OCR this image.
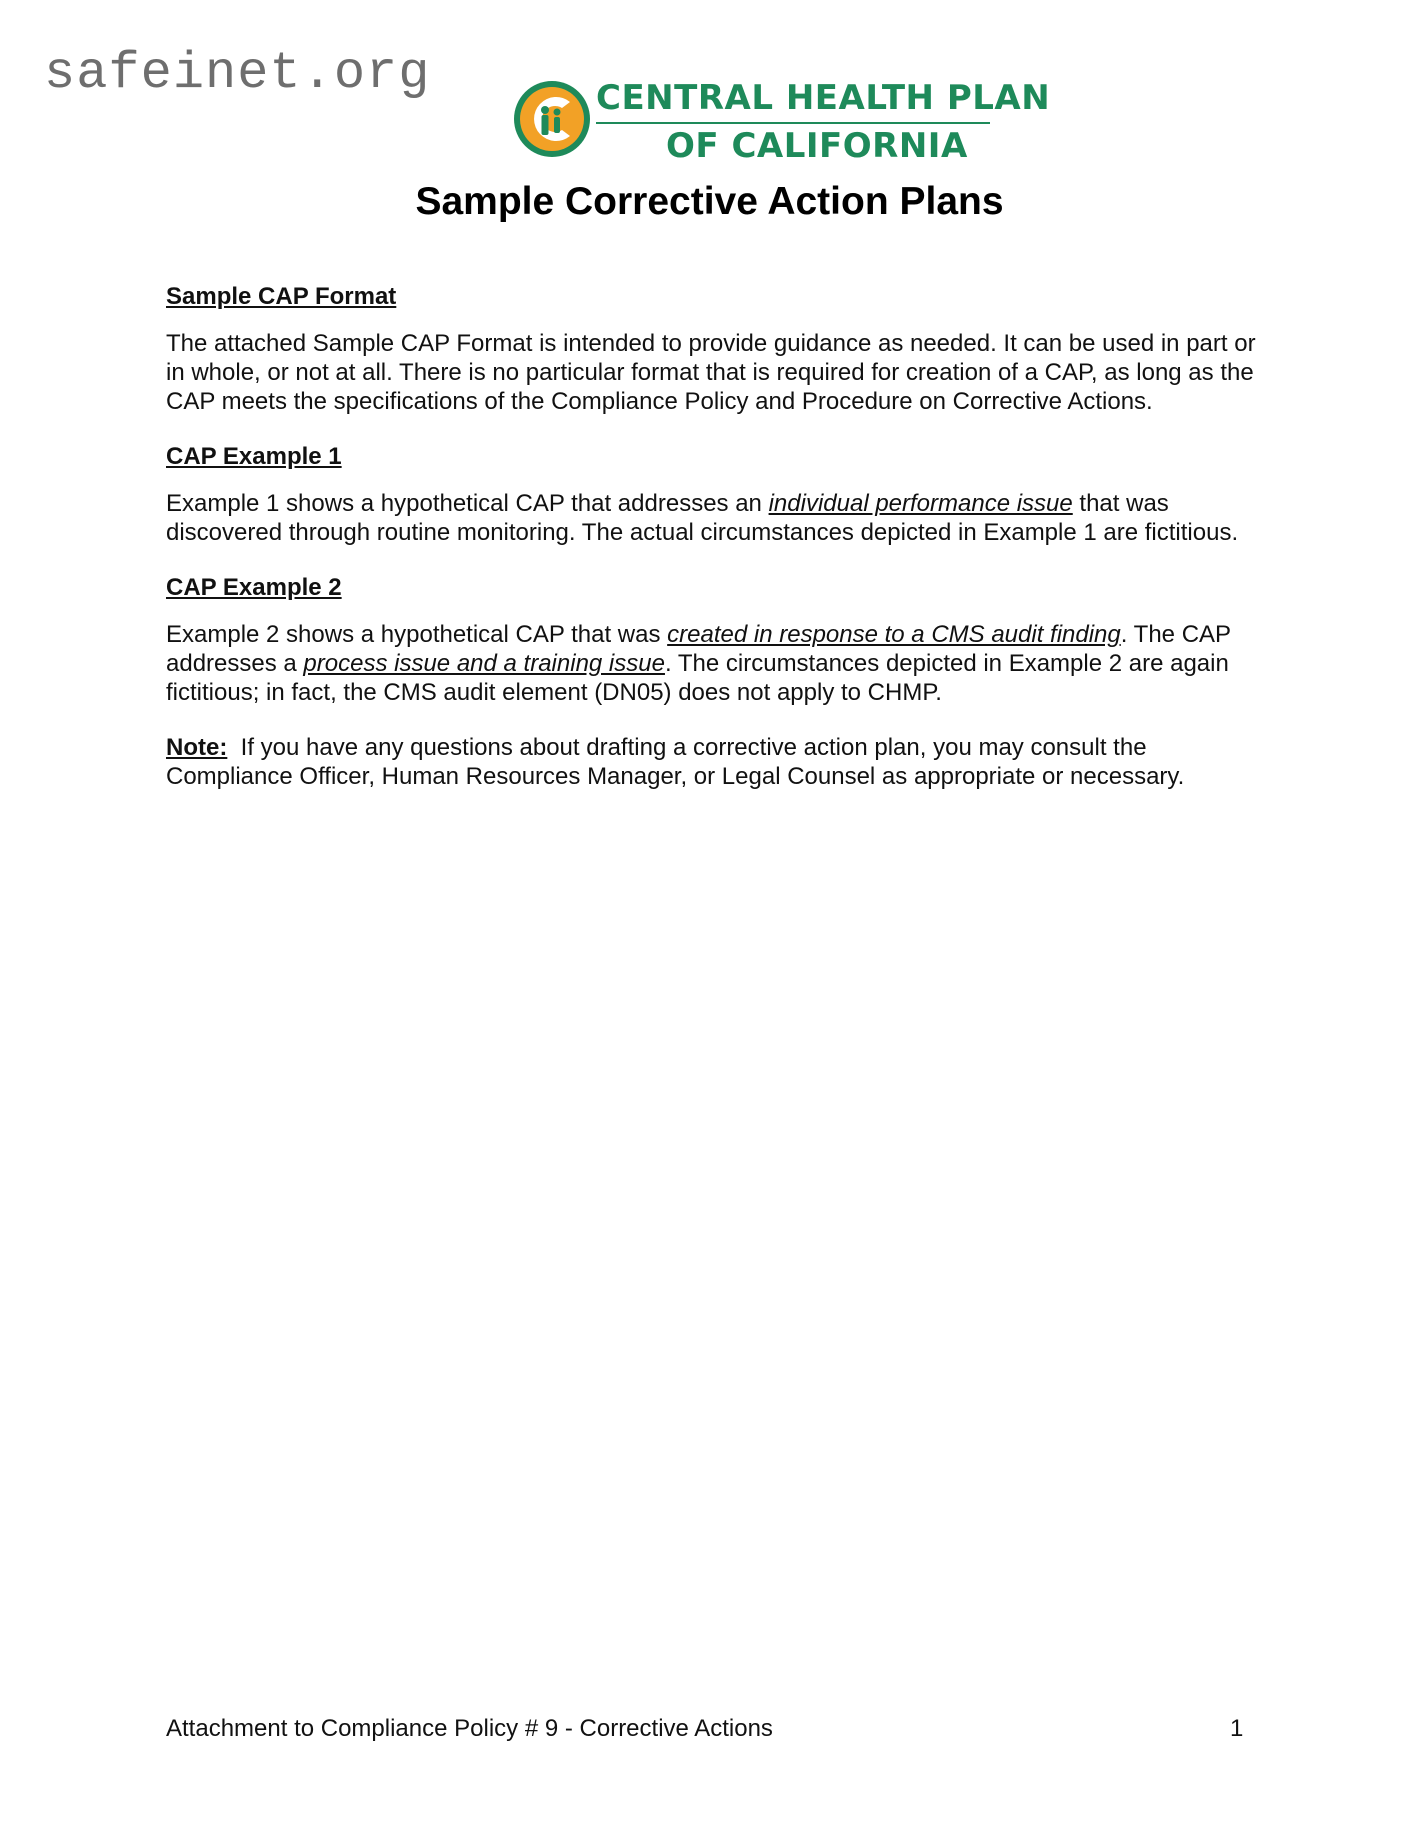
safeinet.org	CENTRAL HEALTH PLAN
OF CALIFORNIA
Sample Corrective Action Plans
Sample CAP Format

The attached Sample CAP Format is intended to provide guidance as needed. It can be used in part or in whole, or not at all. There is no particular format that is required for creation of a CAP, as long as the CAP meets the specifications of the Compliance Policy and Procedure on Corrective Actions.

CAP Example 1

Example 1 shows a hypothetical CAP that addresses an individual performance issue that was discovered through routine monitoring. The actual circumstances depicted in Example 1 are fictitious.

CAP Example 2

Example 2 shows a hypothetical CAP that was created in response to a CMS audit finding. The CAP addresses a process issue and a training issue. The circumstances depicted in Example 2 are again fictitious; in fact, the CMS audit element (DN05) does not apply to CHMP.

Note:  If you have any questions about drafting a corrective action plan, you may consult the Compliance Officer, Human Resources Manager, or Legal Counsel as appropriate or necessary.

Attachment to Compliance Policy # 9 - Corrective Actions	1
